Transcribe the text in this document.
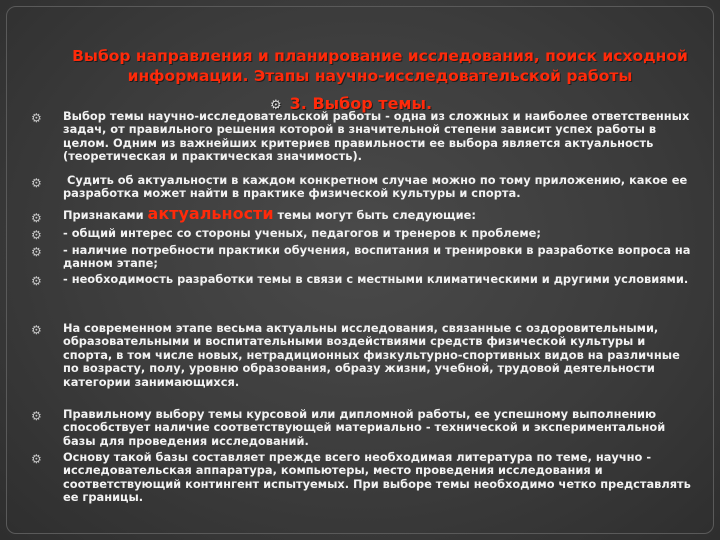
Выбор направления и планирование исследования, поиск исходной
информации. Этапы научно-исследовательской работы
⚙ 3. Выбор темы.
⚙ Выбор темы научно-исследовательской работы - одна из сложных и наиболее ответственных задач, от правильного решения которой в значительной степени зависит успех работы в целом. Одним из важнейших критериев правильности ее выбора является актуальность (теоретическая и практическая значимость).
⚙	Судить об актуальности в каждом конкретном случае можно по тому приложению, какое ее разработка может найти в практике физической культуры и спорта.
⚙ Признаками актуальности темы могут быть следующие:
⚙ - общий интерес со стороны ученых, педагогов и тренеров к проблеме;
⚙ - наличие потребности практики обучения, воспитания и тренировки в разработке вопроса на данном этапе;
⚙ - необходимость разработки темы в связи с местными климатическими и другими условиями.
⚙ На современном этапе весьма актуальны исследования, связанные с оздоровительными, образовательными и воспитательными воздействиями средств физической культуры и спорта, в том числе новых, нетрадиционных физкультурно-спортивных видов на различные по возрасту, полу, уровню образования, образу жизни, учебной, трудовой деятельности категории занимающихся.
⚙ Правильному выбору темы курсовой или дипломной работы, ее успешному выполнению способствует наличие соответствующей материально - технической и экспериментальной базы для проведения исследований.
⚙ Основу такой базы составляет прежде всего необходимая литература по теме, научно - исследовательская аппаратура, компьютеры, место проведения исследования и соответствующий контингент испытуемых. При выборе темы необходимо четко представлять ее границы.
